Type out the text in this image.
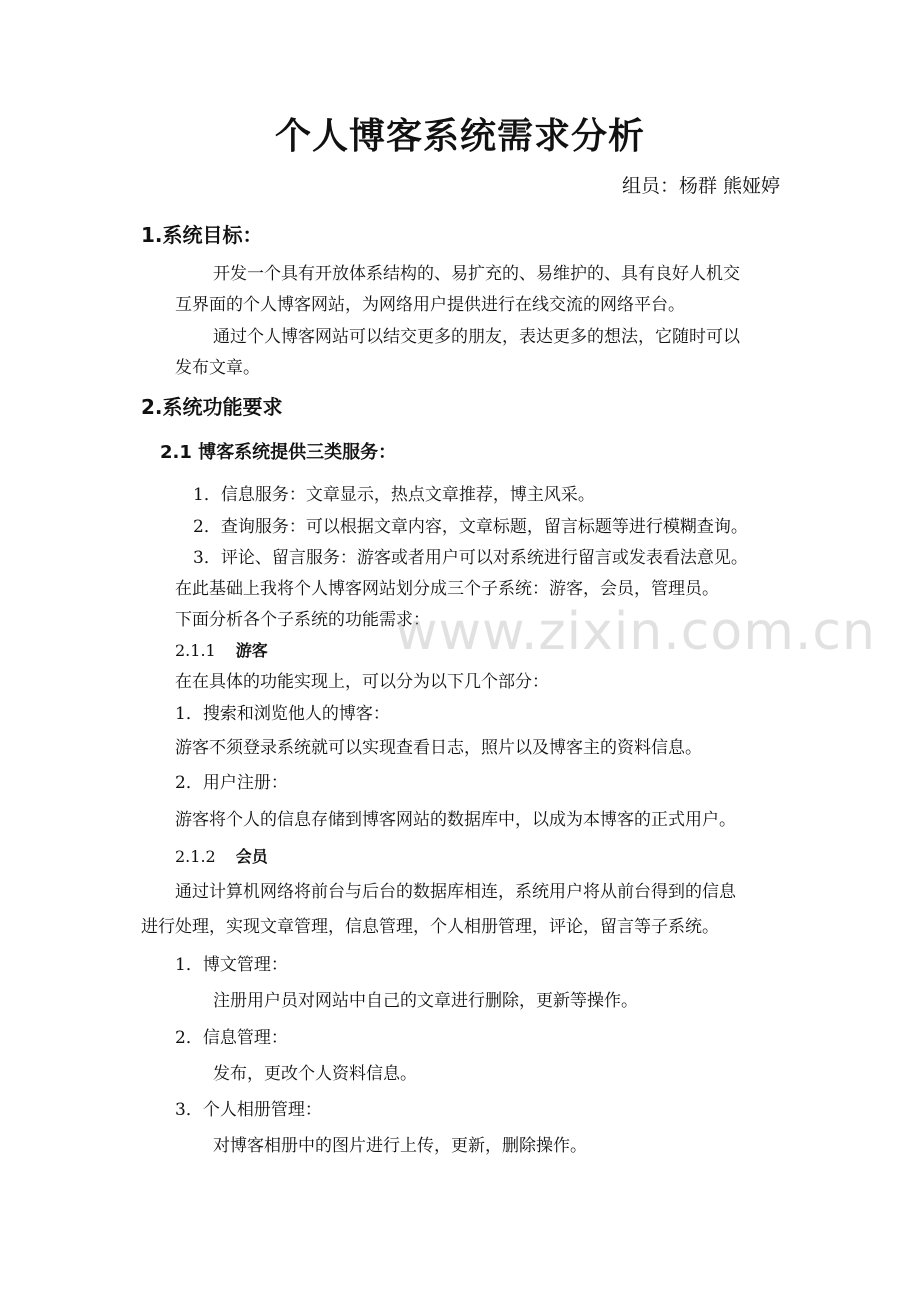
个人博客系统需求分析
组员：杨群 熊娅婷
1.系统目标：
开发一个具有开放体系结构的、易扩充的、易维护的、具有良好人机交
互界面的个人博客网站，为网络用户提供进行在线交流的网络平台。
通过个人博客网站可以结交更多的朋友，表达更多的想法，它随时可以
发布文章。
2.系统功能要求
2.1 博客系统提供三类服务：
1．信息服务：文章显示，热点文章推荐，博主风采。
2．查询服务：可以根据文章内容，文章标题，留言标题等进行模糊查询。
3．评论、留言服务：游客或者用户可以对系统进行留言或发表看法意见。
在此基础上我将个人博客网站划分成三个子系统：游客，会员，管理员。
下面分析各个子系统的功能需求：
2.1.1 游客
在在具体的功能实现上，可以分为以下几个部分：
1．搜索和浏览他人的博客：
游客不须登录系统就可以实现查看日志，照片以及博客主的资料信息。
2．用户注册：
游客将个人的信息存储到博客网站的数据库中，以成为本博客的正式用户。
2.1.2 会员
通过计算机网络将前台与后台的数据库相连，系统用户将从前台得到的信息
进行处理，实现文章管理，信息管理，个人相册管理，评论，留言等子系统。
1．博文管理：
注册用户员对网站中自己的文章进行删除，更新等操作。
2．信息管理：
发布，更改个人资料信息。
3．个人相册管理：
对博客相册中的图片进行上传，更新，删除操作。
www.zixin.com.cn
